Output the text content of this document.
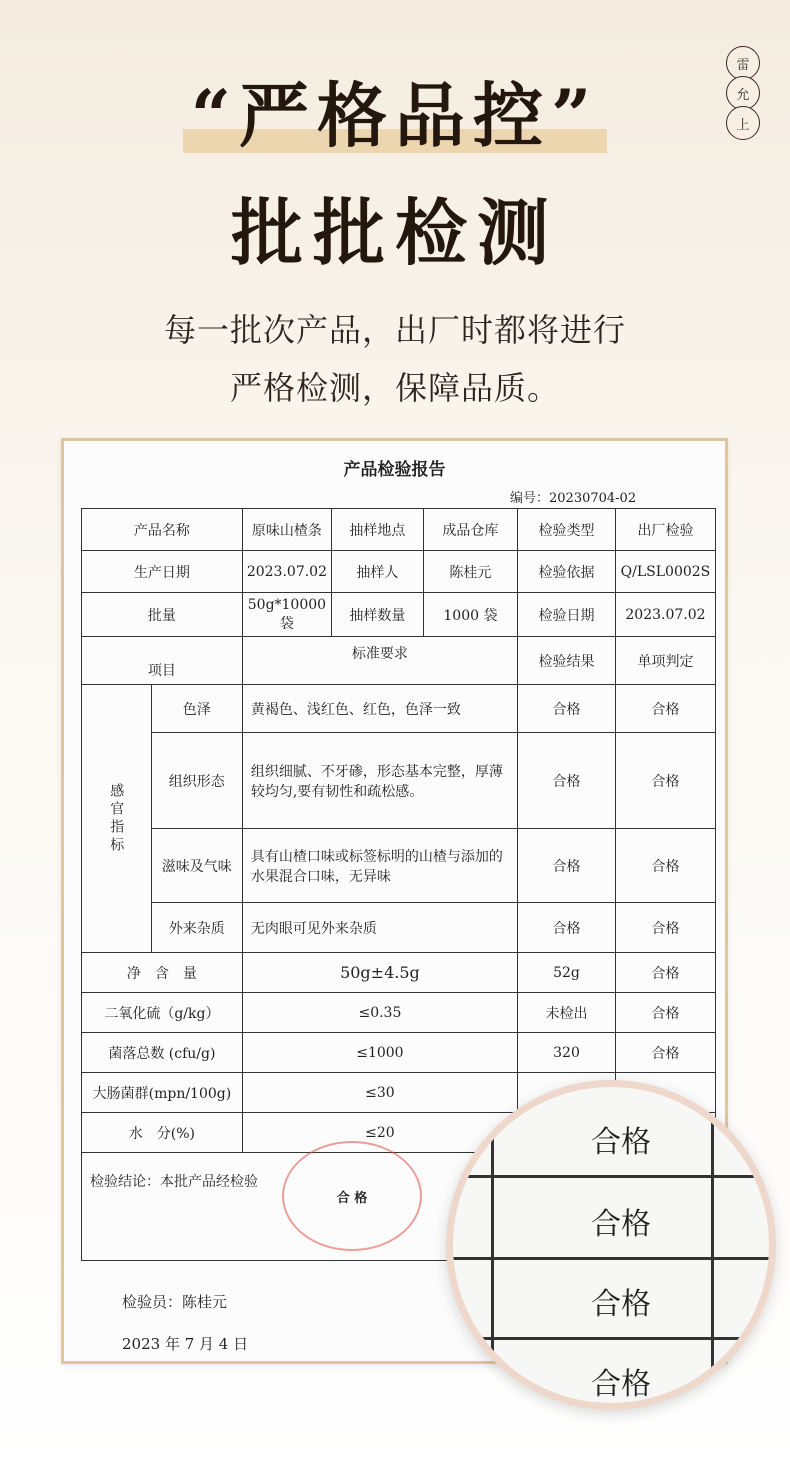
雷
允
上
“严格品控”
批批检测
每一批次产品，出厂时都将进行
严格检测，保障品质。
产品检验报告
编号：20230704-02
产品名称		原味山楂条	抽样地点	成品仓库	检验类型	出厂检验
生产日期		2023.07.02	抽样人	陈桂元	检验依据	Q/LSL0002S
批量		50g*10000 袋	抽样数量	1000 袋	检验日期	2023.07.02
项目		标准要求			检验结果	单项判定

感官指标	色泽	黄褐色、浅红色、红色，色泽一致			合格	合格
	组织形态	组织细腻、不牙碜，形态基本完整，厚薄较均匀,要有韧性和疏松感。			合格	合格
	滋味及气味	具有山楂口味或标签标明的山楂与添加的水果混合口味，无异味			合格	合格
	外来杂质	无肉眼可见外来杂质			合格	合格
净　含　量		50g±4.5g			52g	合格
二氧化硫（g/kg）		≤0.35			未检出	合格
菌落总数 (cfu/g)		≤1000			320	合格
大肠菌群(mpn/100g)		≤30				
水　分(%)		≤20				
检验结论：本批产品经检验						
合 格
检验员：陈桂元
2023 年 7 月 4 日
合格
合格
合格
合格
